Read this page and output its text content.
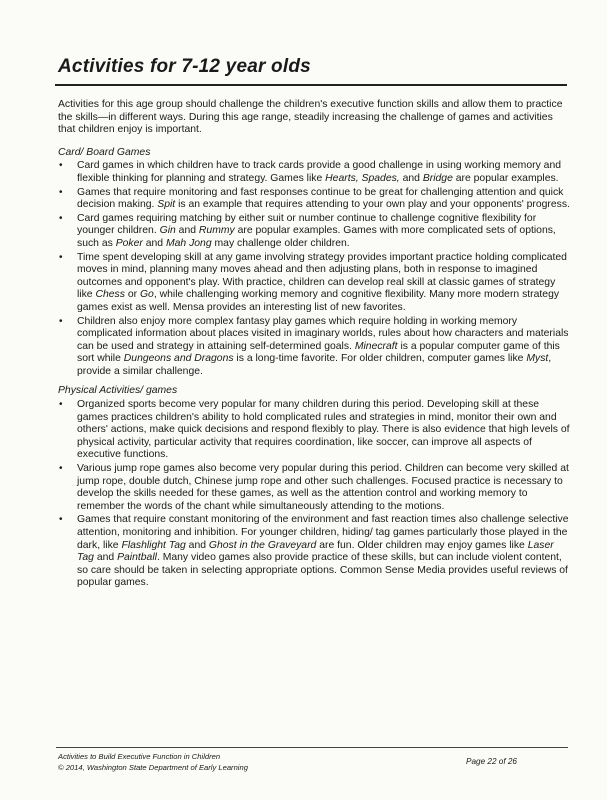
Activities for 7-12 year olds

Activities for this age group should challenge the children's executive function skills and allow them to practice the skills—in different ways. During this age range, steadily increasing the challenge of games and activities that children enjoy is important.

Card/ Board Games

• Card games in which children have to track cards provide a good challenge in using working memory and flexible thinking for planning and strategy. Games like Hearts, Spades, and Bridge are popular examples.
• Games that require monitoring and fast responses continue to be great for challenging attention and quick decision making. Spit is an example that requires attending to your own play and your opponents' progress.
• Card games requiring matching by either suit or number continue to challenge cognitive flexibility for younger children. Gin and Rummy are popular examples. Games with more complicated sets of options, such as Poker and Mah Jong may challenge older children.
• Time spent developing skill at any game involving strategy provides important practice holding complicated moves in mind, planning many moves ahead and then adjusting plans, both in response to imagined outcomes and opponent's play. With practice, children can develop real skill at classic games of strategy like Chess or Go, while challenging working memory and cognitive flexibility. Many more modern strategy games exist as well. Mensa provides an interesting list of new favorites.
• Children also enjoy more complex fantasy play games which require holding in working memory complicated information about places visited in imaginary worlds, rules about how characters and materials can be used and strategy in attaining self-determined goals. Minecraft is a popular computer game of this sort while Dungeons and Dragons is a long-time favorite. For older children, computer games like Myst, provide a similar challenge.

Physical Activities/ games

• Organized sports become very popular for many children during this period. Developing skill at these games practices children's ability to hold complicated rules and strategies in mind, monitor their own and others' actions, make quick decisions and respond flexibly to play. There is also evidence that high levels of physical activity, particular activity that requires coordination, like soccer, can improve all aspects of executive functions.
• Various jump rope games also become very popular during this period. Children can become very skilled at jump rope, double dutch, Chinese jump rope and other such challenges. Focused practice is necessary to develop the skills needed for these games, as well as the attention control and working memory to remember the words of the chant while simultaneously attending to the motions.
• Games that require constant monitoring of the environment and fast reaction times also challenge selective attention, monitoring and inhibition. For younger children, hiding/ tag games particularly those played in the dark, like Flashlight Tag and Ghost in the Graveyard are fun. Older children may enjoy games like Laser Tag and Paintball. Many video games also provide practice of these skills, but can include violent content, so care should be taken in selecting appropriate options. Common Sense Media provides useful reviews of popular games.
Activities to Build Executive Function in Children
© 2014, Washington State Department of Early Learning
Page 22 of 26
